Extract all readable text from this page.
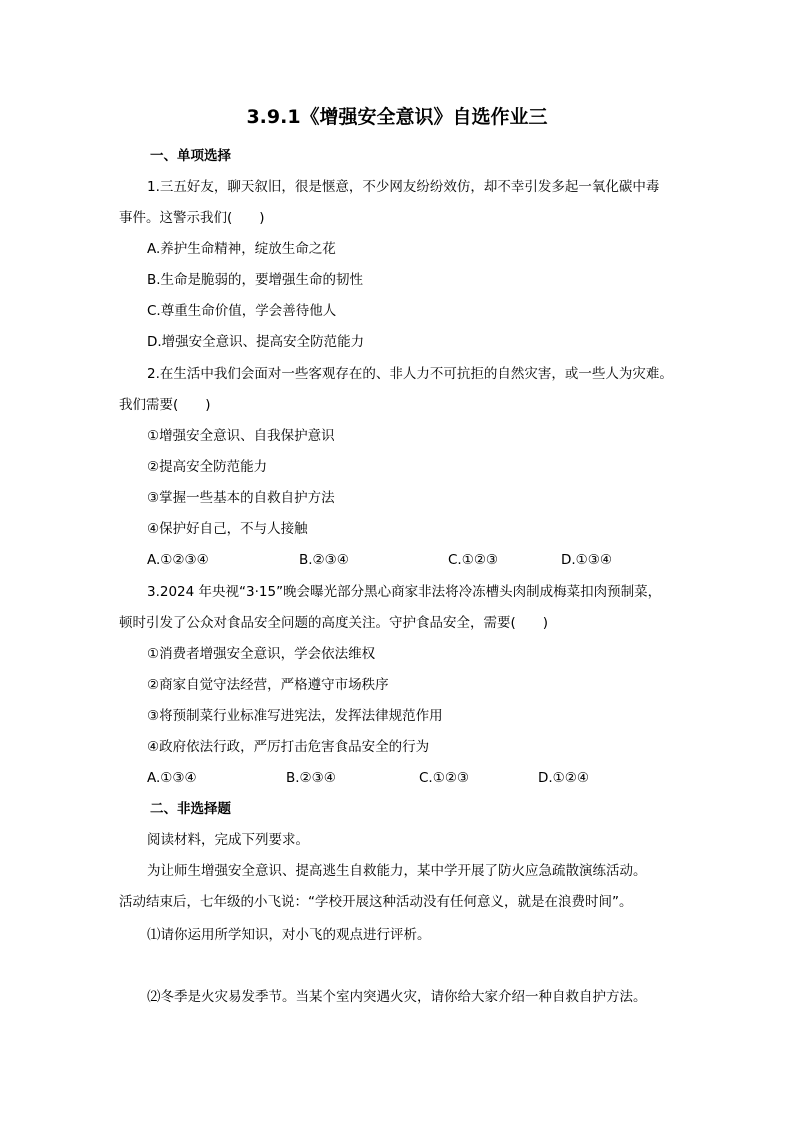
3.9.1《增强安全意识》自选作业三
一、单项选择
1.三五好友，聊天叙旧，很是惬意，不少网友纷纷效仿，却不幸引发多起一氧化碳中毒
事件。这警示我们(　　)
A.养护生命精神，绽放生命之花
B.生命是脆弱的，要增强生命的韧性
C.尊重生命价值，学会善待他人
D.增强安全意识、提高安全防范能力
2.在生活中我们会面对一些客观存在的、非人力不可抗拒的自然灾害，或一些人为灾难。
我们需要(　　)
①增强安全意识、自我保护意识
②提高安全防范能力
③掌握一些基本的自救自护方法
④保护好自己，不与人接触
A.①②③④	B.②③④	C.①②③	D.①③④
3.2024 年央视“3·15”晚会曝光部分黑心商家非法将冷冻槽头肉制成梅菜扣肉预制菜，
顿时引发了公众对食品安全问题的高度关注。守护食品安全，需要(　　)
①消费者增强安全意识，学会依法维权
②商家自觉守法经营，严格遵守市场秩序
③将预制菜行业标准写进宪法，发挥法律规范作用
④政府依法行政，严厉打击危害食品安全的行为
A.①③④	B.②③④	C.①②③	D.①②④
二、非选择题
阅读材料，完成下列要求。
为让师生增强安全意识、提高逃生自救能力，某中学开展了防火应急疏散演练活动。
活动结束后，七年级的小飞说：“学校开展这种活动没有任何意义，就是在浪费时间”。
⑴请你运用所学知识，对小飞的观点进行评析。
⑵冬季是火灾易发季节。当某个室内突遇火灾，请你给大家介绍一种自救自护方法。
